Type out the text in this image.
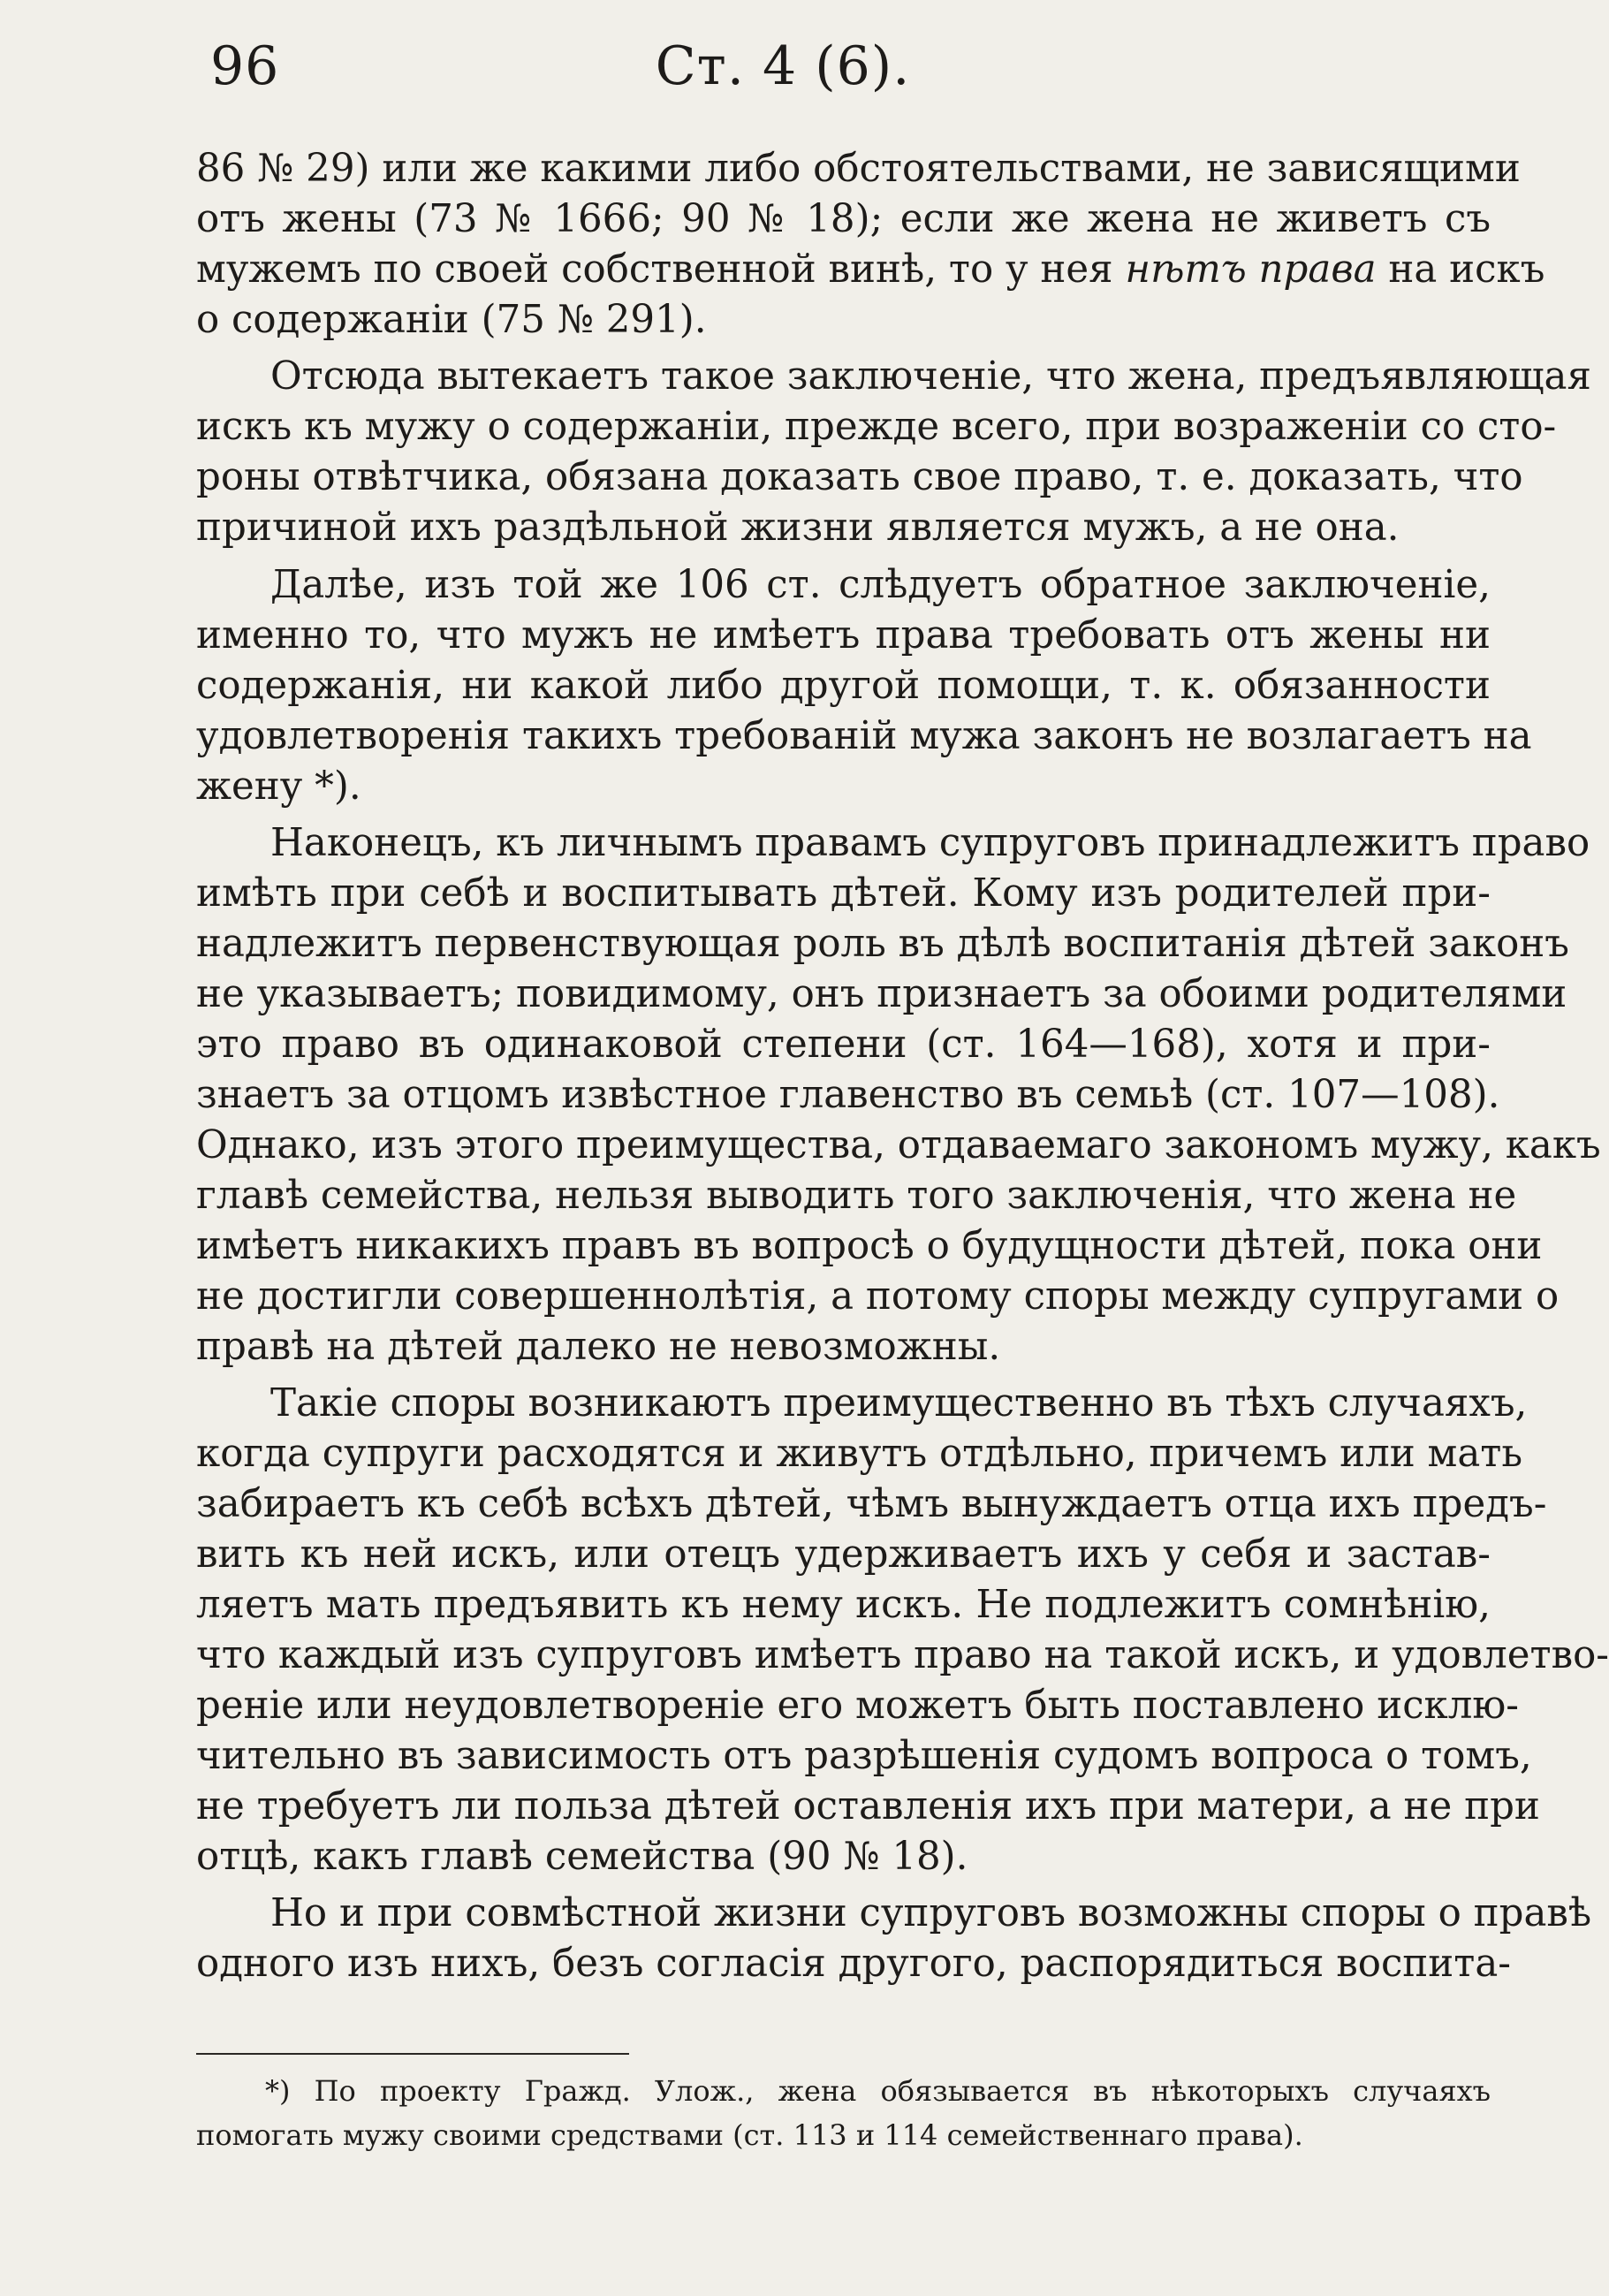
96	Ст. 4 (6).
86 № 29) или же какими либо обстоятельствами, не зависящими
отъ жены (73 № 1666; 90 № 18); если же жена не живетъ съ
мужемъ по своей собственной винѣ, то у нея нѣтъ права на искъ
о содержанiи (75 № 291).
Отсюда вытекаетъ такое заключенiе, что жена, предъявляющая
искъ къ мужу о содержанiи, прежде всего, при возраженiи со сто-
роны отвѣтчика, обязана доказать свое право, т. е. доказать, что
причиной ихъ раздѣльной жизни является мужъ, а не она.
Далѣе, изъ той же 106 ст. слѣдуетъ обратное заключенiе,
именно то, что мужъ не имѣетъ права требовать отъ жены ни
содержанiя, ни какой либо другой помощи, т. к. обязанности
удовлетворенiя такихъ требованiй мужа законъ не возлагаетъ на
жену *).
Наконецъ, къ личнымъ правамъ супруговъ принадлежитъ право
имѣть при себѣ и воспитывать дѣтей. Кому изъ родителей при-
надлежитъ первенствующая роль въ дѣлѣ воспитанiя дѣтей законъ
не указываетъ; повидимому, онъ признаетъ за обоими родителями
это право въ одинаковой степени (ст. 164—168), хотя и при-
знаетъ за отцомъ извѣстное главенство въ семьѣ (ст. 107—108).
Однако, изъ этого преимущества, отдаваемаго закономъ мужу, какъ
главѣ семейства, нельзя выводить того заключенiя, что жена не
имѣетъ никакихъ правъ въ вопросѣ о будущности дѣтей, пока они
не достигли совершеннолѣтiя, а потому споры между супругами о
правѣ на дѣтей далеко не невозможны.
Такiе споры возникаютъ преимущественно въ тѣхъ случаяхъ,
когда супруги расходятся и живутъ отдѣльно, причемъ или мать
забираетъ къ себѣ всѣхъ дѣтей, чѣмъ вынуждаетъ отца ихъ предъ-
вить къ ней искъ, или отецъ удерживаетъ ихъ у себя и застав-
ляетъ мать предъявить къ нему искъ. Не подлежитъ сомнѣнiю,
что каждый изъ супруговъ имѣетъ право на такой искъ, и удовлетво-
ренiе или неудовлетворенiе его можетъ быть поставлено исклю-
чительно въ зависимость отъ разрѣшенiя судомъ вопроса о томъ,
не требуетъ ли польза дѣтей оставленiя ихъ при матери, а не при
отцѣ, какъ главѣ семейства (90 № 18).
Но и при совмѣстной жизни супруговъ возможны споры о правѣ
одного изъ нихъ, безъ согласiя другого, распорядиться воспита-
*) По проекту Гражд. Улож., жена обязывается въ нѣкоторыхъ случаяхъ
помогать мужу своими средствами (ст. 113 и 114 семейственнаго права).
